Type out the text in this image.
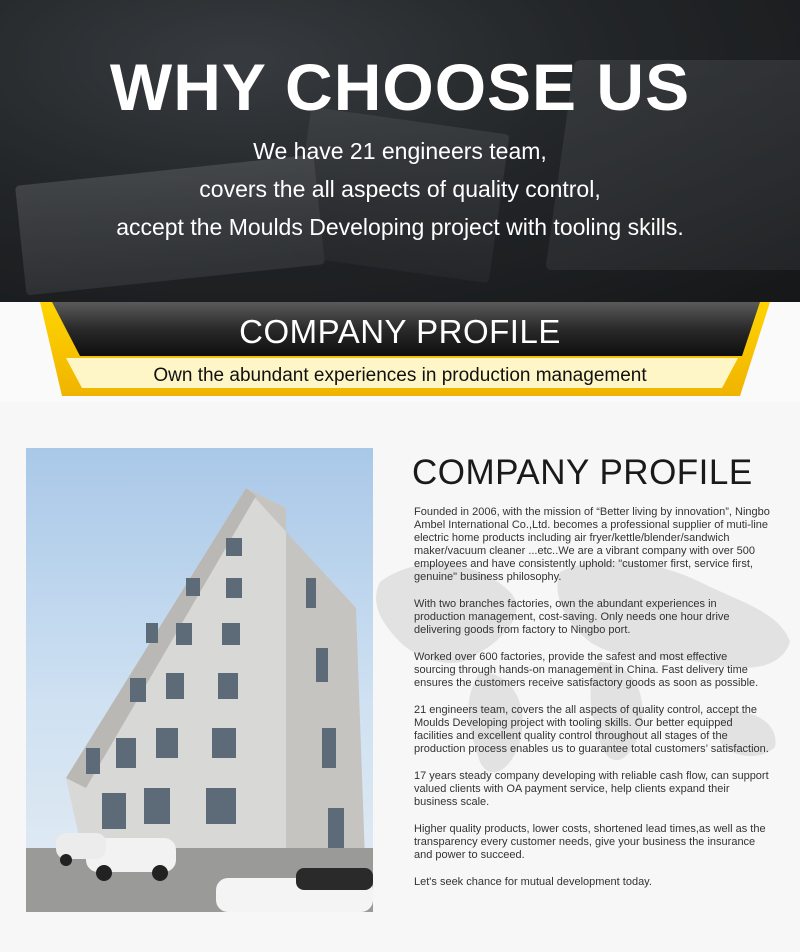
WHY CHOOSE US
We have 21 engineers team,
covers the all aspects of quality control,
accept the Moulds Developing project with tooling skills.
COMPANY PROFILE
Own the abundant experiences in production management
COMPANY PROFILE

Founded in 2006, with the mission of “Better living by innovation”, Ningbo Ambel International Co.,Ltd. becomes a professional supplier of muti-line electric home products including air fryer/kettle/blender/sandwich maker/vacuum cleaner ...etc..We are a vibrant company with over 500 employees and have consistently uphold: "customer first, service first, genuine" business philosophy.

With two branches factories, own the abundant experiences in production management, cost-saving. Only needs one hour drive delivering goods from factory to Ningbo port.

Worked over 600 factories, provide the safest and most effective sourcing through hands-on management in China. Fast delivery time ensures the customers receive satisfactory goods as soon as possible.

21 engineers team, covers the all aspects of quality control, accept the Moulds Developing project with tooling skills. Our better equipped facilities and excellent quality control throughout all stages of the production process enables us to guarantee total customers’ satisfaction.

17 years steady company developing with reliable cash flow, can support valued clients with OA payment service, help clients expand their business scale.

Higher quality products, lower costs, shortened lead times,as well as the transparency every customer needs, give your business the insurance and power to succeed.

Let's seek chance for mutual development today.
